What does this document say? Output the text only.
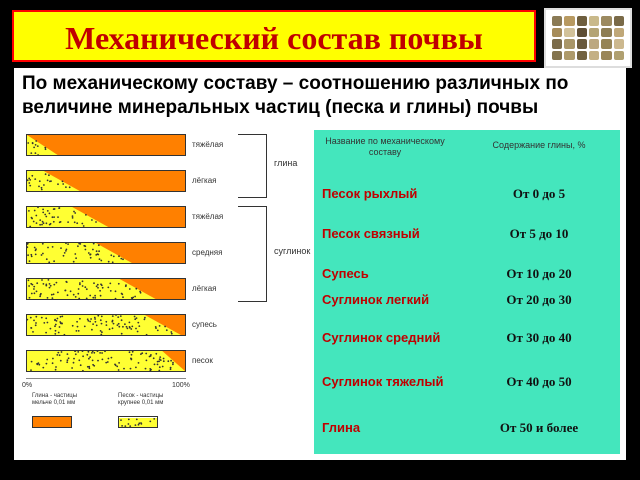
Механический состав почвы
По механическому составу – соотношению различных по величине минеральных частиц (песка и глины) почвы
глина
суглинок
0%	100%
Глина - частицы мельче 0,01 мм
Песок - частицы крупнее 0,01 мм
тяжёлая
лёгкая
тяжёлая
средняя
лёгкая
супесь
песок
Название по механическому составу
Содержание глины, %
Песок рыхлый	От 0 до 5
Песок связный	От 5 до 10
Супесь	От 10 до 20
Суглинок легкий	От 20 до 30
Суглинок средний	От 30 до 40
Суглинок тяжелый	От 40 до 50
Глина	От 50 и более
